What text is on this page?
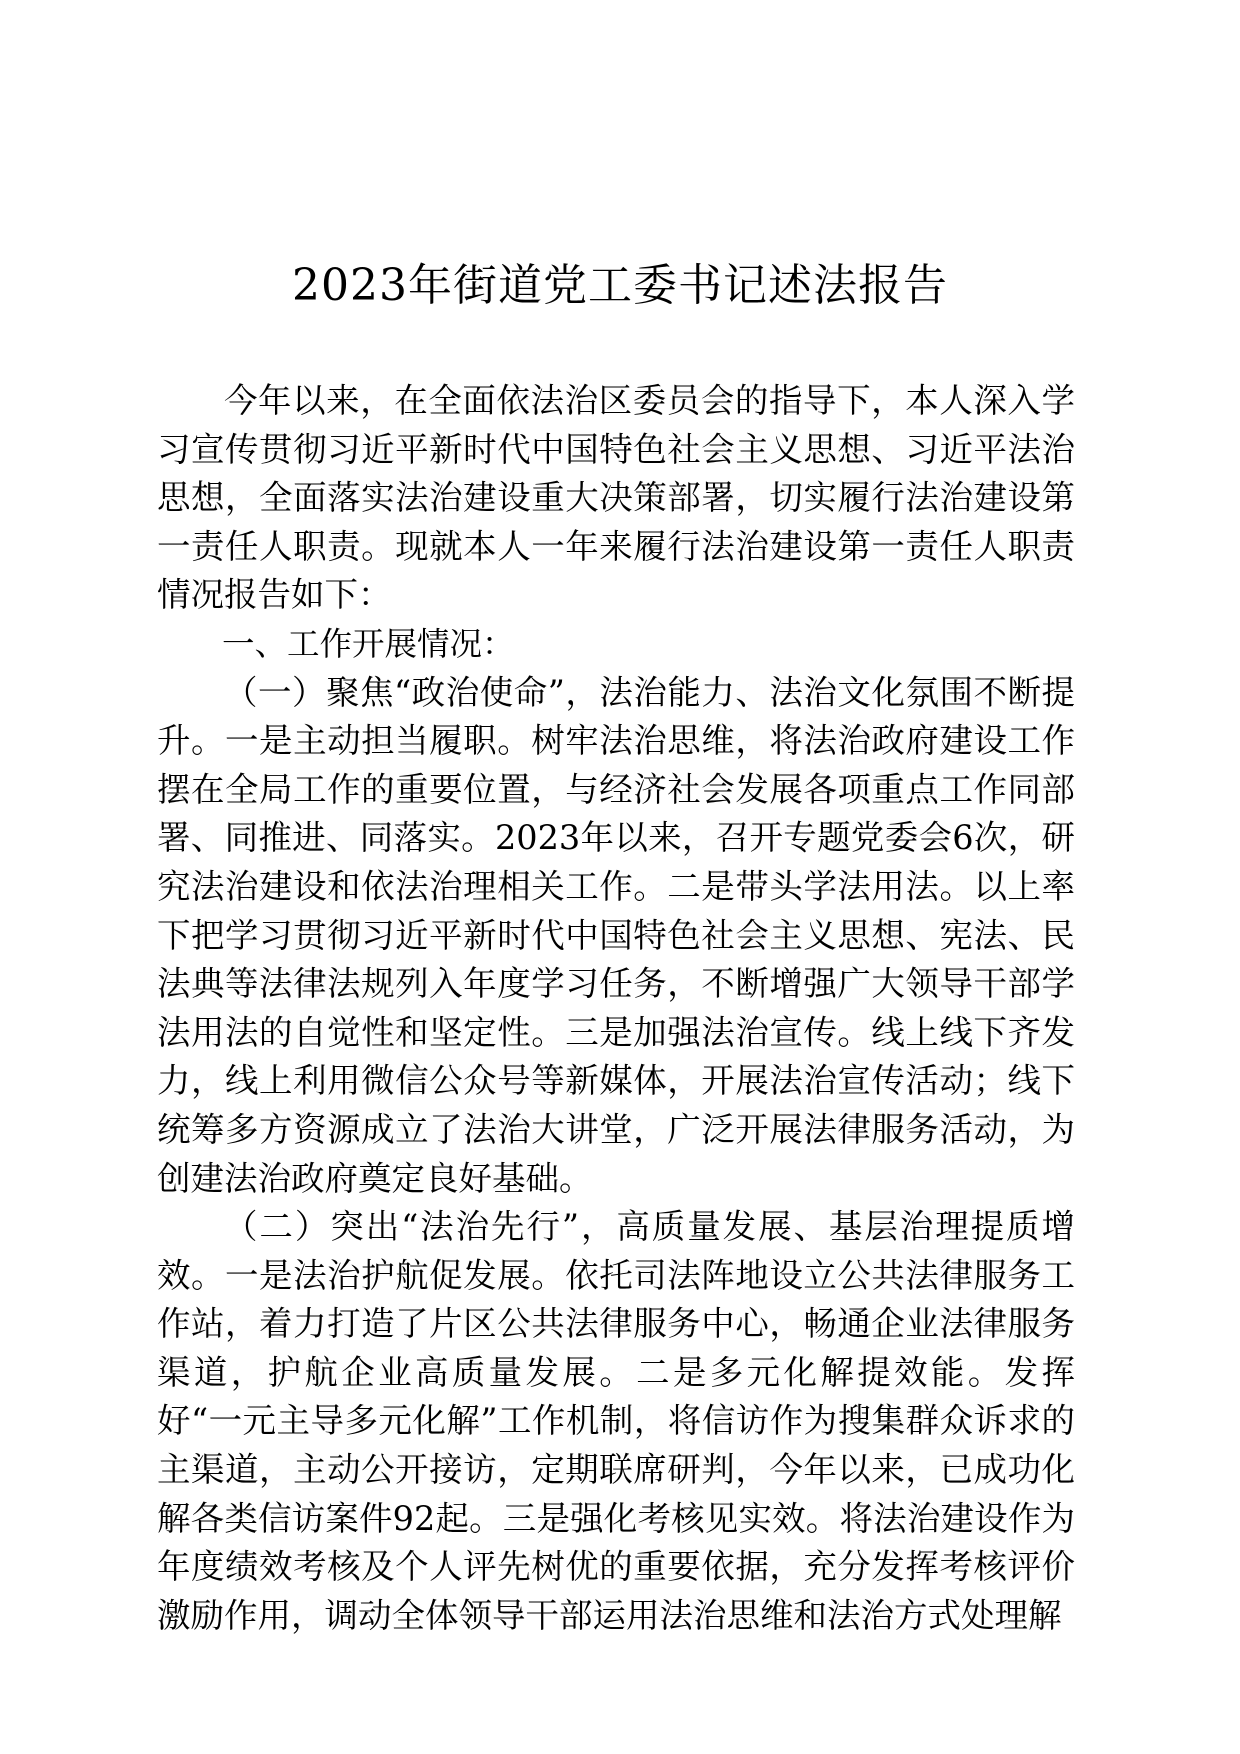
2023年街道党工委书记述法报告

今年以来，在全面依法治区委员会的指导下，本人深入学习宣传贯彻习近平新时代中国特色社会主义思想、习近平法治思想，全面落实法治建设重大决策部署，切实履行法治建设第一责任人职责。现就本人一年来履行法治建设第一责任人职责情况报告如下：

一、工作开展情况：

（一）聚焦“政治使命”，法治能力、法治文化氛围不断提升。一是主动担当履职。树牢法治思维，将法治政府建设工作摆在全局工作的重要位置，与经济社会发展各项重点工作同部署、同推进、同落实。2023年以来，召开专题党委会6次，研究法治建设和依法治理相关工作。二是带头学法用法。以上率下把学习贯彻习近平新时代中国特色社会主义思想、宪法、民法典等法律法规列入年度学习任务，不断增强广大领导干部学法用法的自觉性和坚定性。三是加强法治宣传。线上线下齐发力，线上利用微信公众号等新媒体，开展法治宣传活动；线下统筹多方资源成立了法治大讲堂，广泛开展法律服务活动，为创建法治政府奠定良好基础。

（二）突出“法治先行”，高质量发展、基层治理提质增效。一是法治护航促发展。依托司法阵地设立公共法律服务工作站，着力打造了片区公共法律服务中心，畅通企业法律服务渠道，护航企业高质量发展。二是多元化解提效能。发挥好“一元主导多元化解”工作机制，将信访作为搜集群众诉求的主渠道，主动公开接访，定期联席研判，今年以来，已成功化解各类信访案件92起。三是强化考核见实效。将法治建设作为年度绩效考核及个人评先树优的重要依据，充分发挥考核评价激励作用，调动全体领导干部运用法治思维和法治方式处理解
